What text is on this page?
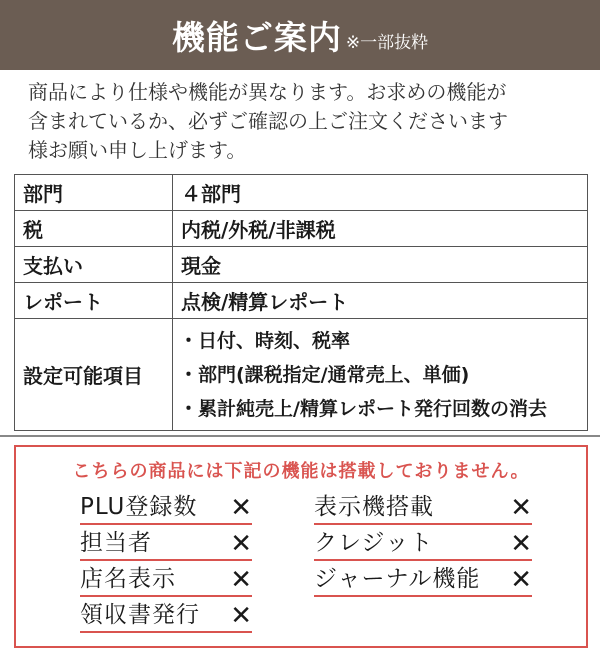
機能ご案内 ※一部抜粋
商品により仕様や機能が異なります。お求めの機能が
含まれているか、必ずご確認の上ご注文くださいます
様お願い申し上げます。
部門	４部門
税	内税/外税/非課税
支払い	現金
レポート	点検/精算レポート
設定可能項目	・日付、時刻、税率
・部門(課税指定/通常売上、単価)
・累計純売上/精算レポート発行回数の消去
こちらの商品には下記の機能は搭載しておりません。
PLU登録数 ✕	表示機搭載	✕
担当者	✕	クレジット	✕
店名表示 ✕	ジャーナル機能 ✕
領収書発行 ✕
